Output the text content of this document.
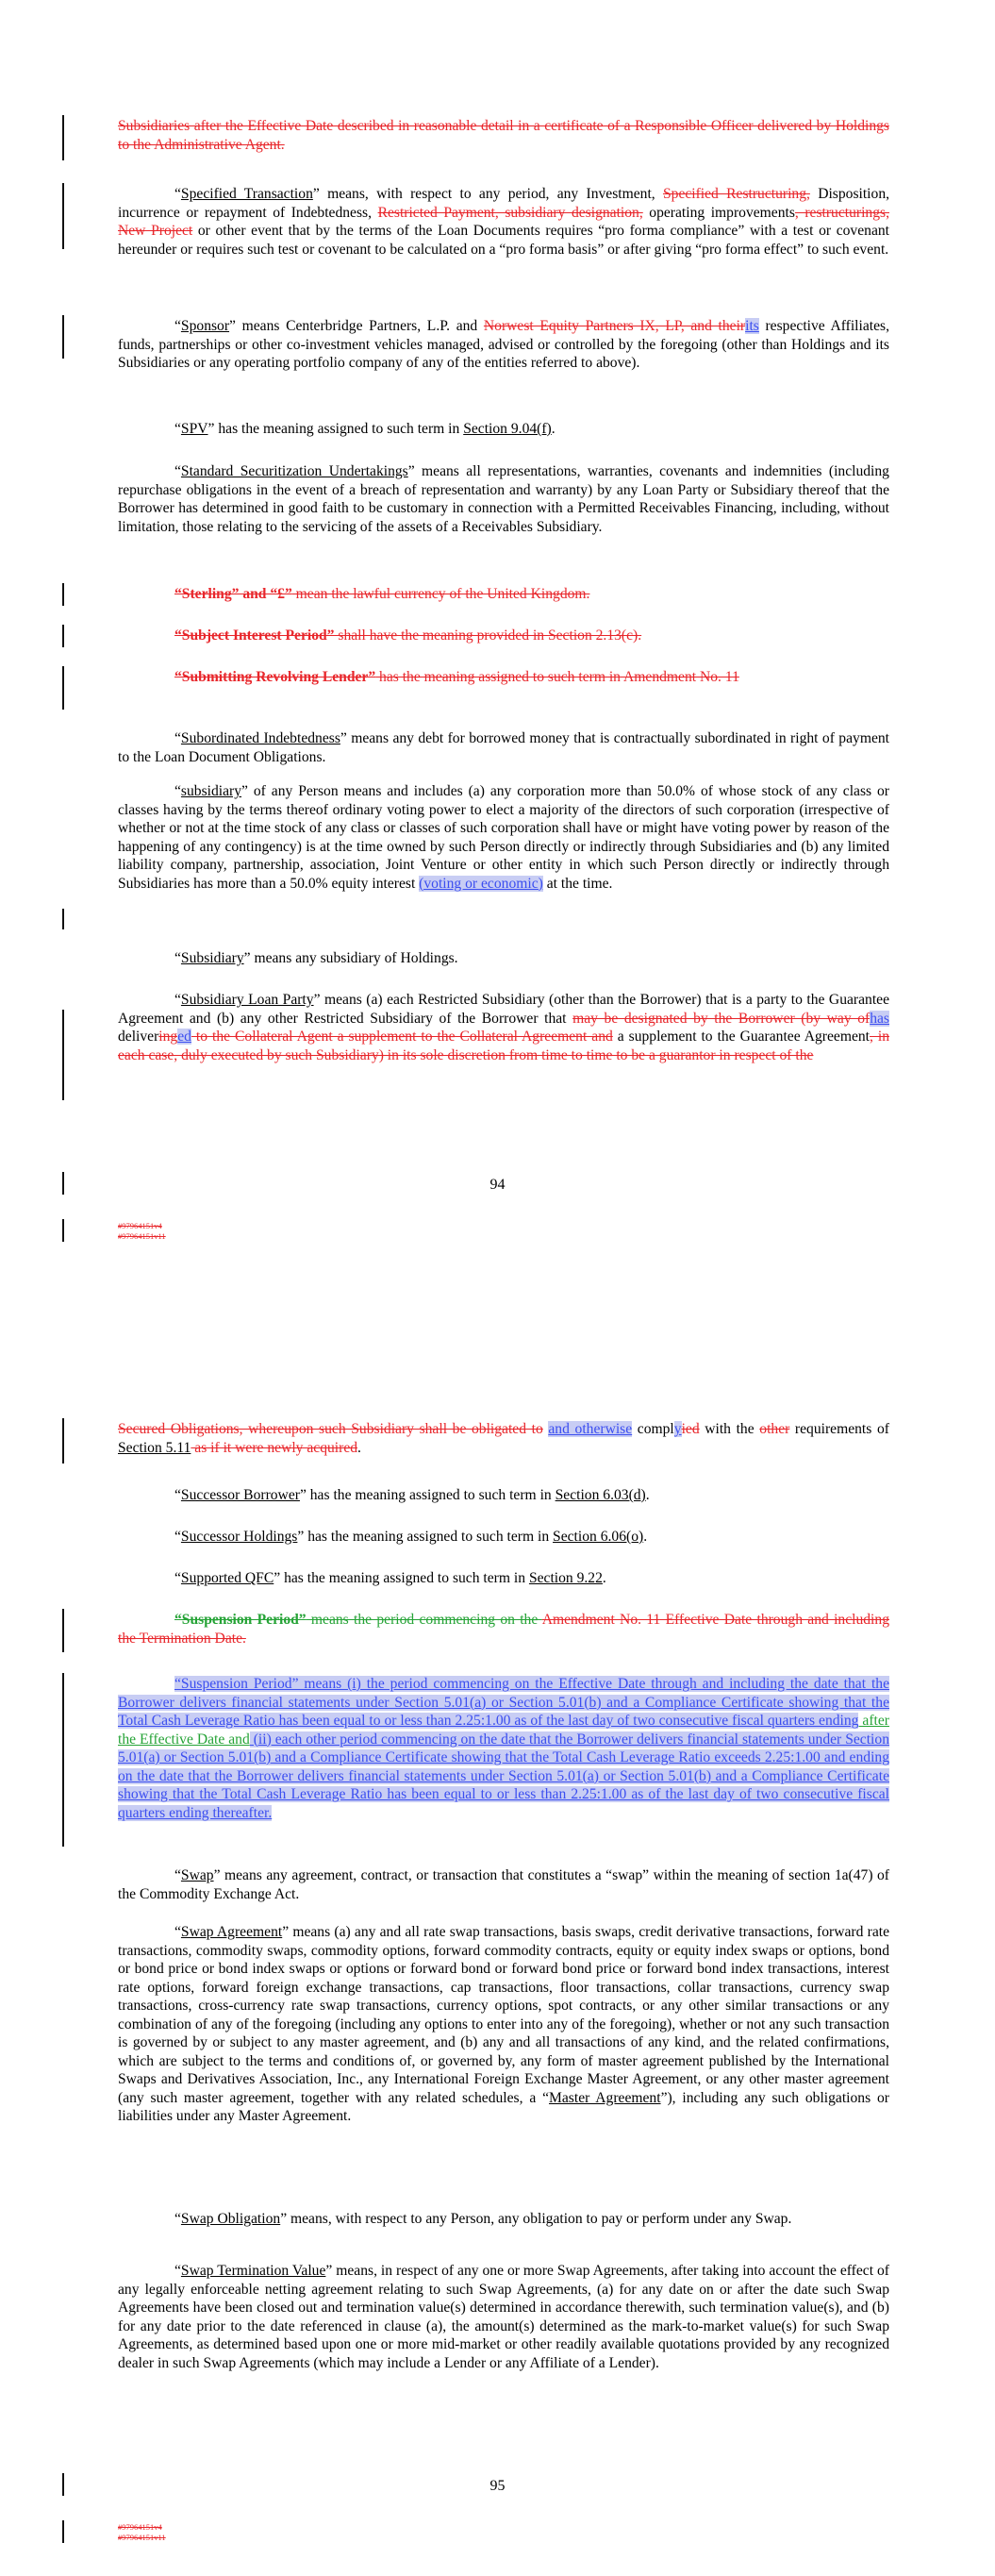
Subsidiaries after the Effective Date described in reasonable detail in a certificate of a Responsible Officer delivered by Holdings to the Administrative Agent.

“Specified Transaction” means, with respect to any period, any Investment, Specified Restructuring, Disposition, incurrence or repayment of Indebtedness, Restricted Payment, subsidiary designation, operating improvements, restructurings, New Project or other event that by the terms of the Loan Documents requires “pro forma compliance” with a test or covenant hereunder or requires such test or covenant to be calculated on a “pro forma basis” or after giving “pro forma effect” to such event.

“Sponsor” means Centerbridge Partners, L.P. and Norwest Equity Partners IX, LP, and theirits respective Affiliates, funds, partnerships or other co-investment vehicles managed, advised or controlled by the foregoing (other than Holdings and its Subsidiaries or any operating portfolio company of any of the entities referred to above).

“SPV” has the meaning assigned to such term in Section 9.04(f).

“Standard Securitization Undertakings” means all representations, warranties, covenants and indemnities (including repurchase obligations in the event of a breach of representation and warranty) by any Loan Party or Subsidiary thereof that the Borrower has determined in good faith to be customary in connection with a Permitted Receivables Financing, including, without limitation, those relating to the servicing of the assets of a Receivables Subsidiary.

“Sterling” and “£” mean the lawful currency of the United Kingdom.

“Subject Interest Period” shall have the meaning provided in Section 2.13(c).

“Submitting Revolving Lender” has the meaning assigned to such term in Amendment No. 11

“Subordinated Indebtedness” means any debt for borrowed money that is contractually subordinated in right of payment to the Loan Document Obligations.

“subsidiary” of any Person means and includes (a) any corporation more than 50.0% of whose stock of any class or classes having by the terms thereof ordinary voting power to elect a majority of the directors of such corporation (irrespective of whether or not at the time stock of any class or classes of such corporation shall have or might have voting power by reason of the happening of any contingency) is at the time owned by such Person directly or indirectly through Subsidiaries and (b) any limited liability company, partnership, association, Joint Venture or other entity in which such Person directly or indirectly through Subsidiaries has more than a 50.0% equity interest (voting or economic) at the time.

“Subsidiary” means any subsidiary of Holdings.

“Subsidiary Loan Party” means (a) each Restricted Subsidiary (other than the Borrower) that is a party to the Guarantee Agreement and (b) any other Restricted Subsidiary of the Borrower that may be designated by the Borrower (by way ofhas deliveringed to the Collateral Agent a supplement to the Collateral Agreement and a supplement to the Guarantee Agreement, in each case, duly executed by such Subsidiary) in its sole discretion from time to time to be a guarantor in respect of the

94
#97964151v4
#97964151v11

Secured Obligations, whereupon such Subsidiary shall be obligated to and otherwise complyied with the other requirements of Section 5.11 as if it were newly acquired.

“Successor Borrower” has the meaning assigned to such term in Section 6.03(d).

“Successor Holdings” has the meaning assigned to such term in Section 6.06(o).

“Supported QFC” has the meaning assigned to such term in Section 9.22.

“Suspension Period” means the period commencing on the Amendment No. 11 Effective Date through and including the Termination Date.

“Suspension Period” means (i) the period commencing on the Effective Date through and including the date that the Borrower delivers financial statements under Section 5.01(a) or Section 5.01(b) and a Compliance Certificate showing that the Total Cash Leverage Ratio has been equal to or less than 2.25:1.00 as of the last day of two consecutive fiscal quarters ending after the Effective Date and (ii) each other period commencing on the date that the Borrower delivers financial statements under Section 5.01(a) or Section 5.01(b) and a Compliance Certificate showing that the Total Cash Leverage Ratio exceeds 2.25:1.00 and ending on the date that the Borrower delivers financial statements under Section 5.01(a) or Section 5.01(b) and a Compliance Certificate showing that the Total Cash Leverage Ratio has been equal to or less than 2.25:1.00 as of the last day of two consecutive fiscal quarters ending thereafter.

“Swap” means any agreement, contract, or transaction that constitutes a “swap” within the meaning of section 1a(47) of the Commodity Exchange Act.

“Swap Agreement” means (a) any and all rate swap transactions, basis swaps, credit derivative transactions, forward rate transactions, commodity swaps, commodity options, forward commodity contracts, equity or equity index swaps or options, bond or bond price or bond index swaps or options or forward bond or forward bond price or forward bond index transactions, interest rate options, forward foreign exchange transactions, cap transactions, floor transactions, collar transactions, currency swap transactions, cross-currency rate swap transactions, currency options, spot contracts, or any other similar transactions or any combination of any of the foregoing (including any options to enter into any of the foregoing), whether or not any such transaction is governed by or subject to any master agreement, and (b) any and all transactions of any kind, and the related confirmations, which are subject to the terms and conditions of, or governed by, any form of master agreement published by the International Swaps and Derivatives Association, Inc., any International Foreign Exchange Master Agreement, or any other master agreement (any such master agreement, together with any related schedules, a “Master Agreement”), including any such obligations or liabilities under any Master Agreement.

“Swap Obligation” means, with respect to any Person, any obligation to pay or perform under any Swap.

“Swap Termination Value” means, in respect of any one or more Swap Agreements, after taking into account the effect of any legally enforceable netting agreement relating to such Swap Agreements, (a) for any date on or after the date such Swap Agreements have been closed out and termination value(s) determined in accordance therewith, such termination value(s), and (b) for any date prior to the date referenced in clause (a), the amount(s) determined as the mark-to-market value(s) for such Swap Agreements, as determined based upon one or more mid-market or other readily available quotations provided by any recognized dealer in such Swap Agreements (which may include a Lender or any Affiliate of a Lender).

95
#97964151v4
#97964151v11
